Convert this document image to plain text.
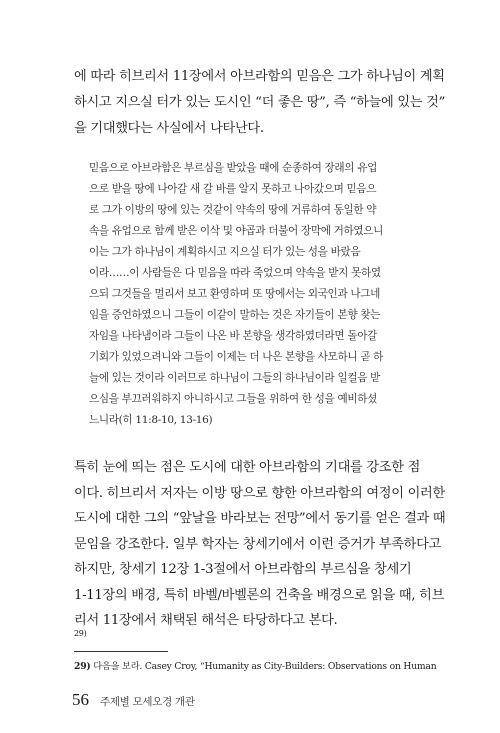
에 따라 히브리서 11장에서 아브라함의 믿음은 그가 하나님이 계획
하시고 지으실 터가 있는 도시인 “더 좋은 땅”, 즉 “하늘에 있는 것”
을 기대했다는 사실에서 나타난다.
믿음으로 아브라함은 부르심을 받았을 때에 순종하여 장래의 유업
으로 받을 땅에 나아갈 새 갈 바를 알지 못하고 나아갔으며 믿음으
로 그가 이방의 땅에 있는 것같이 약속의 땅에 거류하여 동일한 약
속을 유업으로 함께 받은 이삭 및 야곱과 더불어 장막에 거하였으니
이는 그가 하나님이 계획하시고 지으실 터가 있는 성을 바랐음
이라……이 사람들은 다 믿음을 따라 죽었으며 약속을 받지 못하였
으되 그것들을 멀리서 보고 환영하며 또 땅에서는 외국인과 나그네
임을 증언하였으니 그들이 이같이 말하는 것은 자기들이 본향 찾는
자임을 나타냄이라 그들이 나온 바 본향을 생각하였더라면 돌아갈
기회가 있었으려니와 그들이 이제는 더 나은 본향을 사모하니 곧 하
늘에 있는 것이라 이러므로 하나님이 그들의 하나님이라 일컬음 받
으심을 부끄러워하지 아니하시고 그들을 위하여 한 성을 예비하셨
느니라(히 11:8-10, 13-16)
특히 눈에 띄는 점은 도시에 대한 아브라함의 기대를 강조한 점
이다. 히브리서 저자는 이방 땅으로 향한 아브라함의 여정이 이러한
도시에 대한 그의 “앞날을 바라보는 전망”에서 동기를 얻은 결과 때
문임을 강조한다. 일부 학자는 창세기에서 이런 증거가 부족하다고
하지만, 창세기 12장 1-3절에서 아브라함의 부르심을 창세기
1-11장의 배경, 특히 바벨/바벨론의 건축을 배경으로 읽을 때, 히브
리서 11장에서 채택된 해석은 타당하다고 본다.
29)
29) 다음을 보라. Casey Croy, “Humanity as City-Builders: Observations on Human
56 주제별 모세오경 개관
